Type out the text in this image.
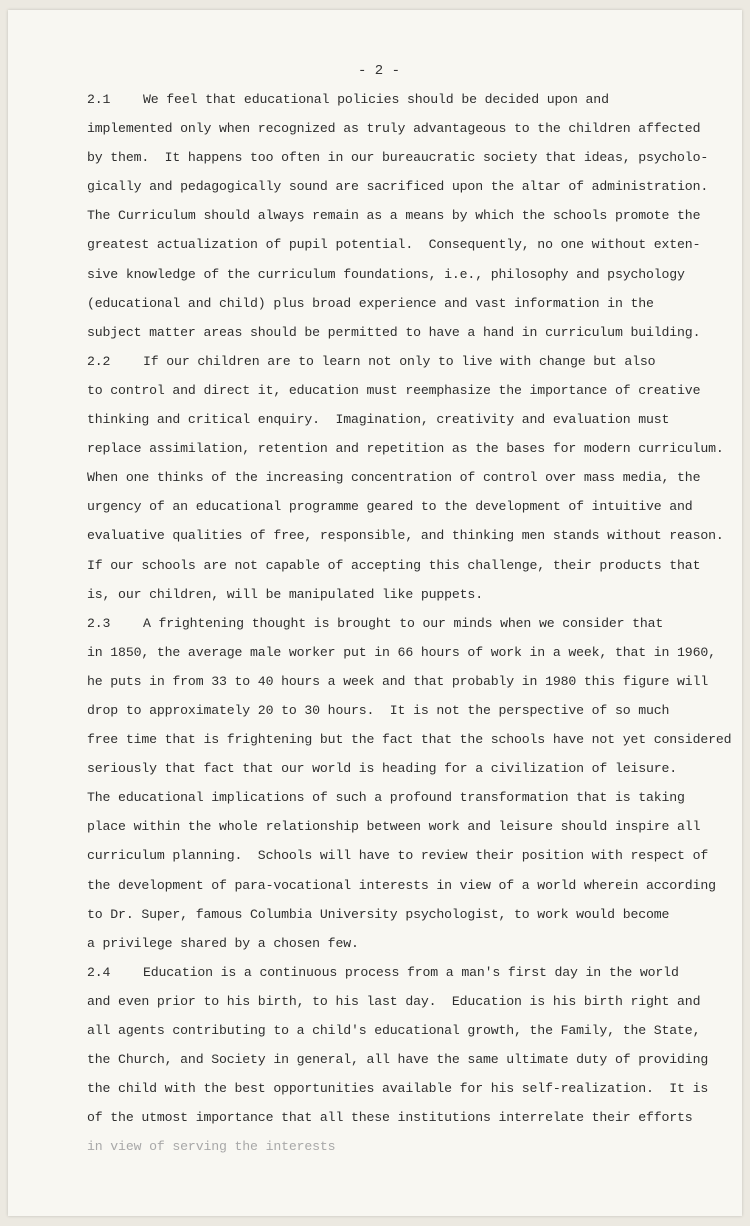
- 2 -
2.1 We feel that educational policies should be decided upon and
implemented only when recognized as truly advantageous to the children affected
by them.  It happens too often in our bureaucratic society that ideas, psycholo-
gically and pedagogically sound are sacrificed upon the altar of administration.
The Curriculum should always remain as a means by which the schools promote the
greatest actualization of pupil potential.  Consequently, no one without exten-
sive knowledge of the curriculum foundations, i.e., philosophy and psychology
(educational and child) plus broad experience and vast information in the
subject matter areas should be permitted to have a hand in curriculum building.
2.2 If our children are to learn not only to live with change but also
to control and direct it, education must reemphasize the importance of creative
thinking and critical enquiry.  Imagination, creativity and evaluation must
replace assimilation, retention and repetition as the bases for modern curriculum.
When one thinks of the increasing concentration of control over mass media, the
urgency of an educational programme geared to the development of intuitive and
evaluative qualities of free, responsible, and thinking men stands without reason.
If our schools are not capable of accepting this challenge, their products that
is, our children, will be manipulated like puppets.
2.3 A frightening thought is brought to our minds when we consider that
in 1850, the average male worker put in 66 hours of work in a week, that in 1960,
he puts in from 33 to 40 hours a week and that probably in 1980 this figure will
drop to approximately 20 to 30 hours.  It is not the perspective of so much
free time that is frightening but the fact that the schools have not yet considered
seriously that fact that our world is heading for a civilization of leisure.
The educational implications of such a profound transformation that is taking
place within the whole relationship between work and leisure should inspire all
curriculum planning.  Schools will have to review their position with respect of
the development of para-vocational interests in view of a world wherein according
to Dr. Super, famous Columbia University psychologist, to work would become
a privilege shared by a chosen few.
2.4 Education is a continuous process from a man's first day in the world
and even prior to his birth, to his last day.  Education is his birth right and
all agents contributing to a child's educational growth, the Family, the State,
the Church, and Society in general, all have the same ultimate duty of providing
the child with the best opportunities available for his self-realization.  It is
of the utmost importance that all these institutions interrelate their efforts
in view of serving the interests
